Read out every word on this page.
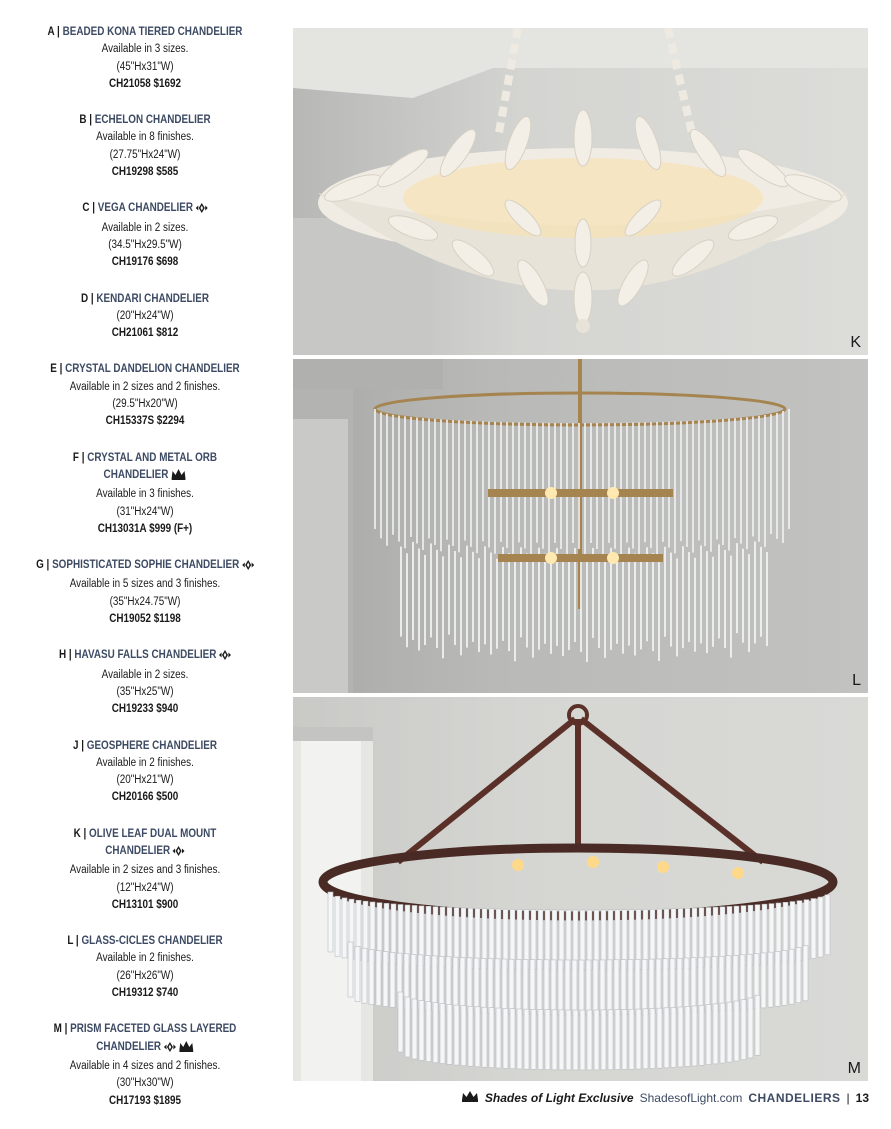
A | BEADED KONA TIERED CHANDELIER
Available in 3 sizes.
(45"Hx31"W)
CH21058 $1692
B | ECHELON CHANDELIER
Available in 8 finishes.
(27.75"Hx24"W)
CH19298 $585
C | VEGA CHANDELIER
Available in 2 sizes.
(34.5"Hx29.5"W)
CH19176 $698
D | KENDARI CHANDELIER
(20"Hx24"W)
CH21061 $812
E | CRYSTAL DANDELION CHANDELIER
Available in 2 sizes and 2 finishes.
(29.5"Hx20"W)
CH15337S $2294
F | CRYSTAL AND METAL ORB
CHANDELIER
Available in 3 finishes.
(31"Hx24"W)
CH13031A $999 (F+)
G | SOPHISTICATED SOPHIE CHANDELIER
Available in 5 sizes and 3 finishes.
(35"Hx24.75"W)
CH19052 $1198
H | HAVASU FALLS CHANDELIER
Available in 2 sizes.
(35"Hx25"W)
CH19233 $940
J | GEOSPHERE CHANDELIER
Available in 2 finishes.
(20"Hx21"W)
CH20166 $500
K | OLIVE LEAF DUAL MOUNT
CHANDELIER
Available in 2 sizes and 3 finishes.
(12"Hx24"W)
CH13101 $900
L | GLASS-CICLES CHANDELIER
Available in 2 finishes.
(26"Hx26"W)
CH19312 $740
M | PRISM FACETED GLASS LAYERED
CHANDELIER
Available in 4 sizes and 2 finishes.
(30"Hx30"W)
CH17193 $1895
K
L
M
Shades of Light Exclusive ShadesofLight.com CHANDELIERS | 13
